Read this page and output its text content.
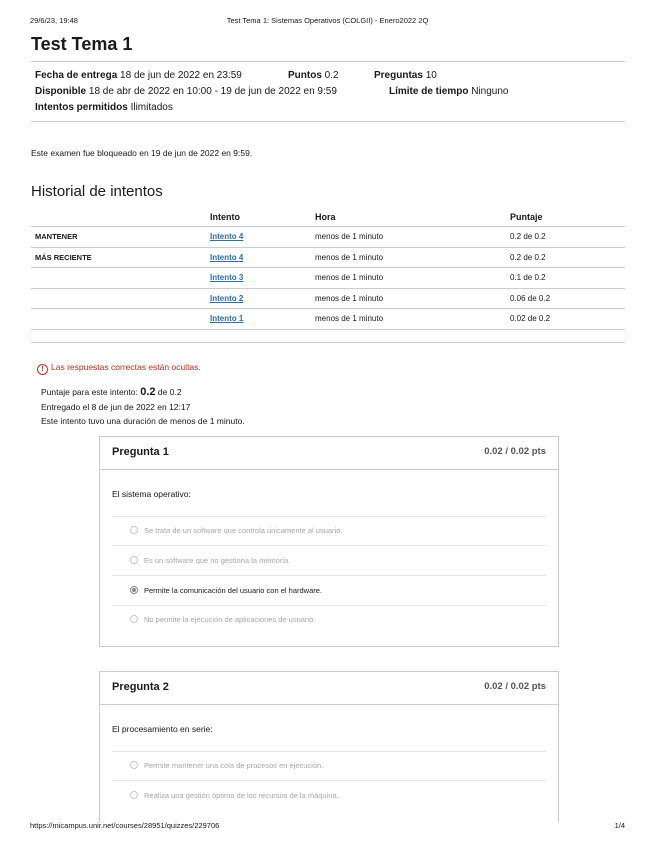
29/6/23, 19:48	Test Tema 1: Sistemas Operativos (COLGII) - Enero2022 2Q
Test Tema 1
Fecha de entrega 18 de jun de 2022 en 23:59	Puntos 0.2	Preguntas 10
Disponible 18 de abr de 2022 en 10:00 - 19 de jun de 2022 en 9:59	Límite de tiempo Ninguno
Intentos permitidos Ilimitados
Este examen fue bloqueado en 19 de jun de 2022 en 9:59.
Historial de intentos
	Intento	Hora	Puntaje
MANTENER	Intento 4	menos de 1 minuto	0.2 de 0.2
MÁS RECIENTE	Intento 4	menos de 1 minuto	0.2 de 0.2
	Intento 3	menos de 1 minuto	0.1 de 0.2
	Intento 2	menos de 1 minuto	0.06 de 0.2
	Intento 1	menos de 1 minuto	0.02 de 0.2
! Las respuestas correctas están ocultas.
Puntaje para este intento: 0.2 de 0.2
Entregado el 8 de jun de 2022 en 12:17
Este intento tuvo una duración de menos de 1 minuto.
Pregunta 1	0.02 / 0.02 pts
El sistema operativo:
Se trata de un software que controla únicamente al usuario.
Es un software que no gestiona la memoria.
Permite la comunicación del usuario con el hardware.
No permite la ejecución de aplicaciones de usuario.
Pregunta 2	0.02 / 0.02 pts
El procesamiento en serie:
Permite mantener una cola de procesos en ejecución.
Realiza una gestión óptima de los recursos de la máquina.
https://micampus.unir.net/courses/28951/quizzes/229706	1/4
